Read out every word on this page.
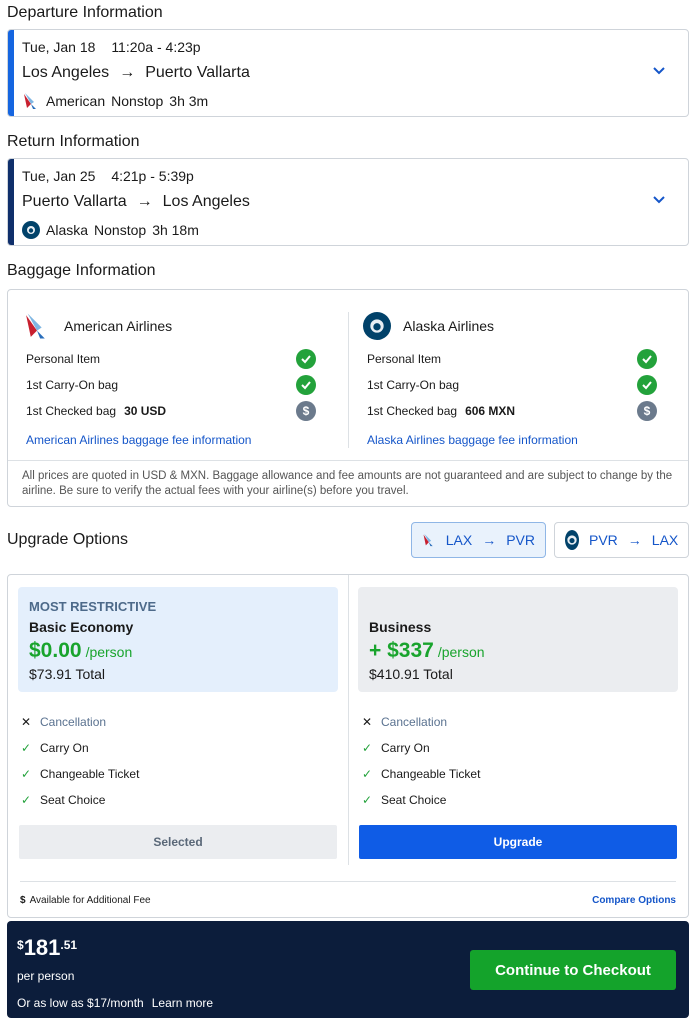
Departure Information
Tue, Jan 18 11:20a - 4:23p
Los Angeles → Puerto Vallarta
American Nonstop 3h 3m
Return Information
Tue, Jan 25 4:21p - 5:39p
Puerto Vallarta → Los Angeles
Alaska Nonstop 3h 18m
Baggage Information
American Airlines
Personal Item
1st Carry-On bag
1st Checked bag 30 USD	$
American Airlines baggage fee information
Alaska Airlines
Personal Item
1st Carry-On bag
1st Checked bag 606 MXN	$
Alaska Airlines baggage fee information
All prices are quoted in USD & MXN. Baggage allowance and fee amounts are not guaranteed and are subject to change by the airline. Be sure to verify the actual fees with your airline(s) before you travel.
Upgrade Options	LAX → PVR	PVR → LAX
MOST RESTRICTIVE
Basic Economy
$0.00 /person
$73.91 Total
✕ Cancellation
✓ Carry On
✓ Changeable Ticket
✓ Seat Choice
Selected
Business
+ $337 /person
$410.91 Total
✕ Cancellation
✓ Carry On
✓ Changeable Ticket
✓ Seat Choice
Upgrade
$ Available for Additional Fee	Compare Options
$ 181 .51
per person
Or as low as $17/month Learn more
Continue to Checkout
